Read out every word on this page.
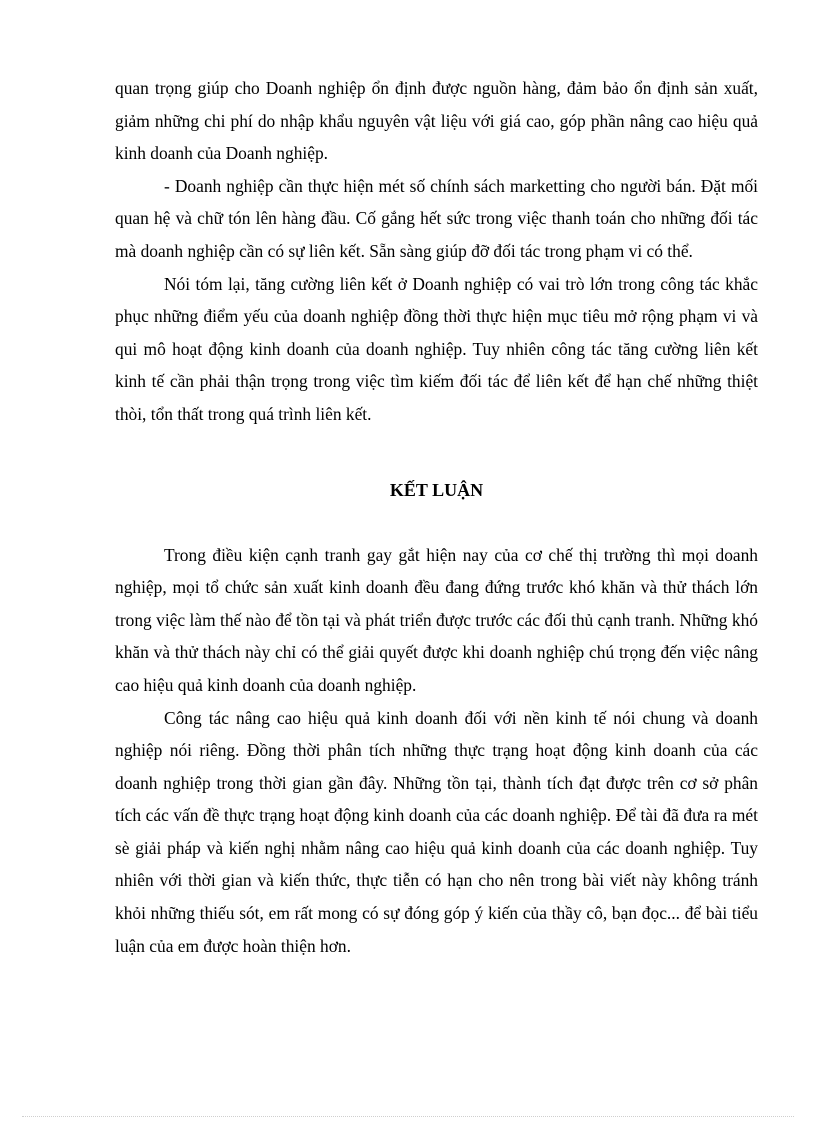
quan trọng giúp cho Doanh nghiệp ổn định được nguồn hàng, đảm bảo ổn định sản xuất, giảm những chi phí do nhập khẩu nguyên vật liệu với giá cao, góp phần nâng cao hiệu quả kinh doanh của Doanh nghiệp.

- Doanh nghiệp cần thực hiện mét số chính sách marketting cho người bán. Đặt mối quan hệ và chữ tón lên hàng đầu. Cố gắng hết sức trong việc thanh toán cho những đối tác mà doanh nghiệp cần có sự liên kết. Sẵn sàng giúp đỡ đối tác trong phạm vi có thể.

Nói tóm lại, tăng cường liên kết ở Doanh nghiệp có vai trò lớn trong công tác khắc phục những điểm yếu của doanh nghiệp đồng thời thực hiện mục tiêu mở rộng phạm vi và qui mô hoạt động kinh doanh của doanh nghiệp. Tuy nhiên công tác tăng cường liên kết kinh tế cần phải thận trọng trong việc tìm kiếm đối tác để liên kết để hạn chế những thiệt thòi, tổn thất trong quá trình liên kết.

KẾT LUẬN

Trong điều kiện cạnh tranh gay gắt hiện nay của cơ chế thị trường thì mọi doanh nghiệp, mọi tổ chức sản xuất kinh doanh đều đang đứng trước khó khăn và thử thách lớn trong việc làm thế nào để tồn tại và phát triển được trước các đối thủ cạnh tranh. Những khó khăn và thử thách này chỉ có thể giải quyết được khi doanh nghiệp chú trọng đến việc nâng cao hiệu quả kinh doanh của doanh nghiệp.

Công tác nâng cao hiệu quả kinh doanh đối với nền kinh tế nói chung và doanh nghiệp nói riêng. Đồng thời phân tích những thực trạng hoạt động kinh doanh của các doanh nghiệp trong thời gian gần đây. Những tồn tại, thành tích đạt được trên cơ sở phân tích các vấn đề thực trạng hoạt động kinh doanh của các doanh nghiệp. Để tài đã đưa ra mét sè giải pháp và kiến nghị nhằm nâng cao hiệu quả kinh doanh của các doanh nghiệp. Tuy nhiên với thời gian và kiến thức, thực tiễn có hạn cho nên trong bài viết này không tránh khỏi những thiếu sót, em rất mong có sự đóng góp ý kiến của thầy cô, bạn đọc... để bài tiểu luận của em được hoàn thiện hơn.
